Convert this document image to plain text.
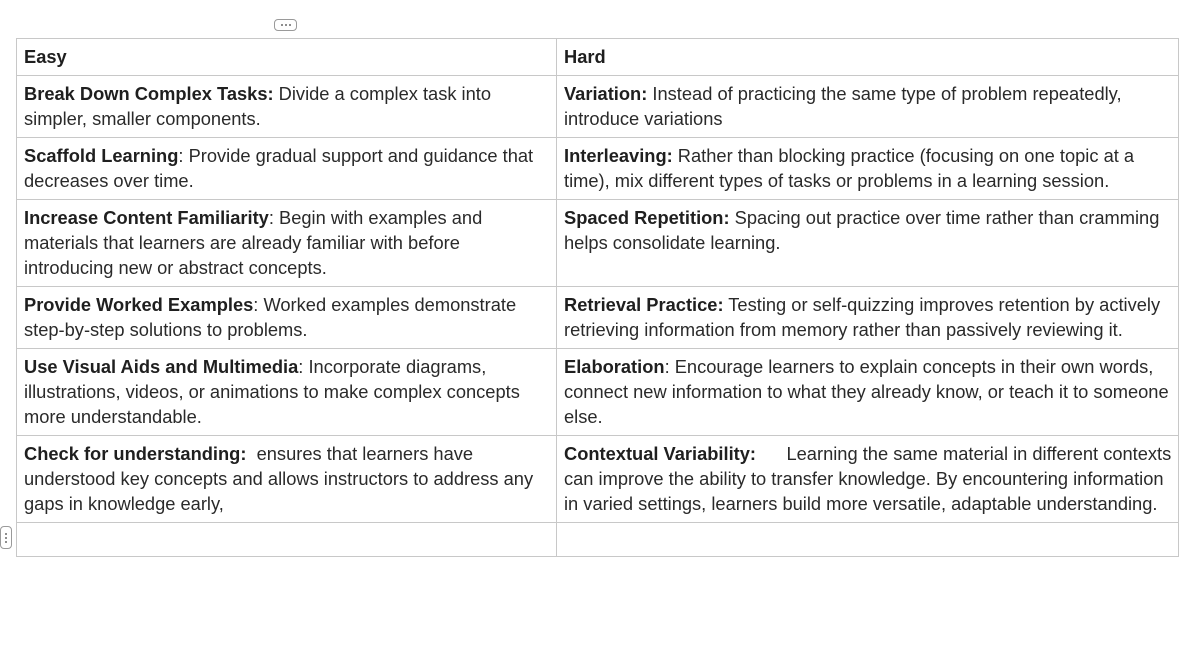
Easy	Hard
Break Down Complex Tasks: Divide a complex task into simpler, smaller components.	Variation: Instead of practicing the same type of problem repeatedly, introduce variations
Scaffold Learning: Provide gradual support and guidance that decreases over time.	Interleaving: Rather than blocking practice (focusing on one topic at a time), mix different types of tasks or problems in a learning session.
Increase Content Familiarity: Begin with examples and materials that learners are already familiar with before introducing new or abstract concepts.	Spaced Repetition: Spacing out practice over time rather than cramming helps consolidate learning.
Provide Worked Examples: Worked examples demonstrate step-by-step solutions to problems.	Retrieval Practice: Testing or self-quizzing improves retention by actively retrieving information from memory rather than passively reviewing it.
Use Visual Aids and Multimedia: Incorporate diagrams, illustrations, videos, or animations to make complex concepts more understandable.	Elaboration: Encourage learners to explain concepts in their own words, connect new information to what they already know, or teach it to someone else.
Check for understanding:  ensures that learners have understood key concepts and allows instructors to address any gaps in knowledge early,	Contextual Variability:      Learning the same material in different contexts can improve the ability to transfer knowledge. By encountering information in varied settings, learners build more versatile, adaptable understanding.
